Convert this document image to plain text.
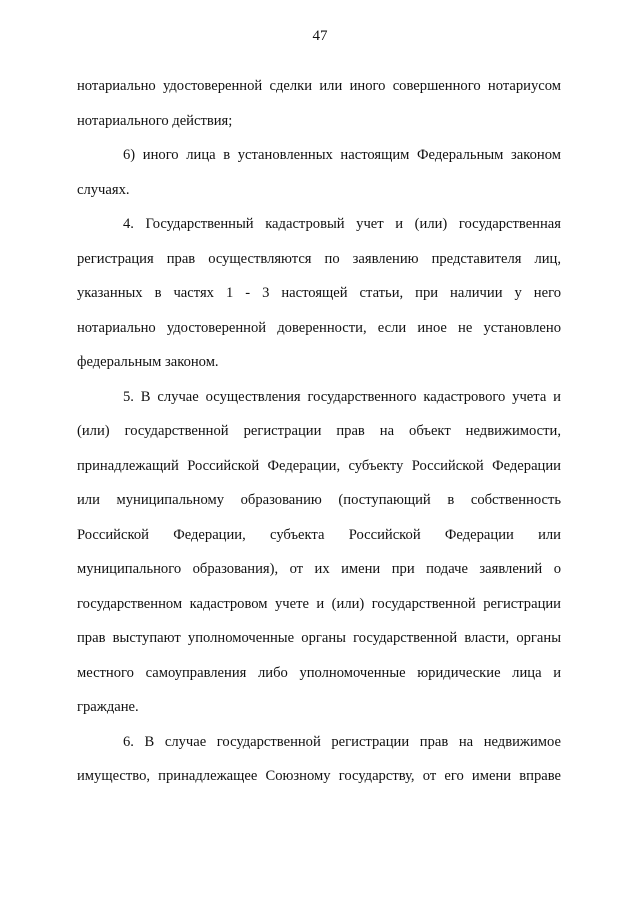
47
нотариально удостоверенной сделки или иного совершенного нотариусом
нотариального действия;
6) иного лица в установленных настоящим Федеральным законом
случаях.
4. Государственный кадастровый учет и (или) государственная
регистрация прав осуществляются по заявлению представителя лиц,
указанных в частях 1 - 3 настоящей статьи, при наличии у него
нотариально удостоверенной доверенности, если иное не установлено
федеральным законом.
5. В случае осуществления государственного кадастрового учета и
(или) государственной регистрации прав на объект недвижимости,
принадлежащий Российской Федерации, субъекту Российской Федерации
или муниципальному образованию (поступающий в собственность
Российской Федерации, субъекта Российской Федерации или
муниципального образования), от их имени при подаче заявлений о
государственном кадастровом учете и (или) государственной регистрации
прав выступают уполномоченные органы государственной власти, органы
местного самоуправления либо уполномоченные юридические лица и
граждане.
6. В случае государственной регистрации прав на недвижимое
имущество, принадлежащее Союзному государству, от его имени вправе
